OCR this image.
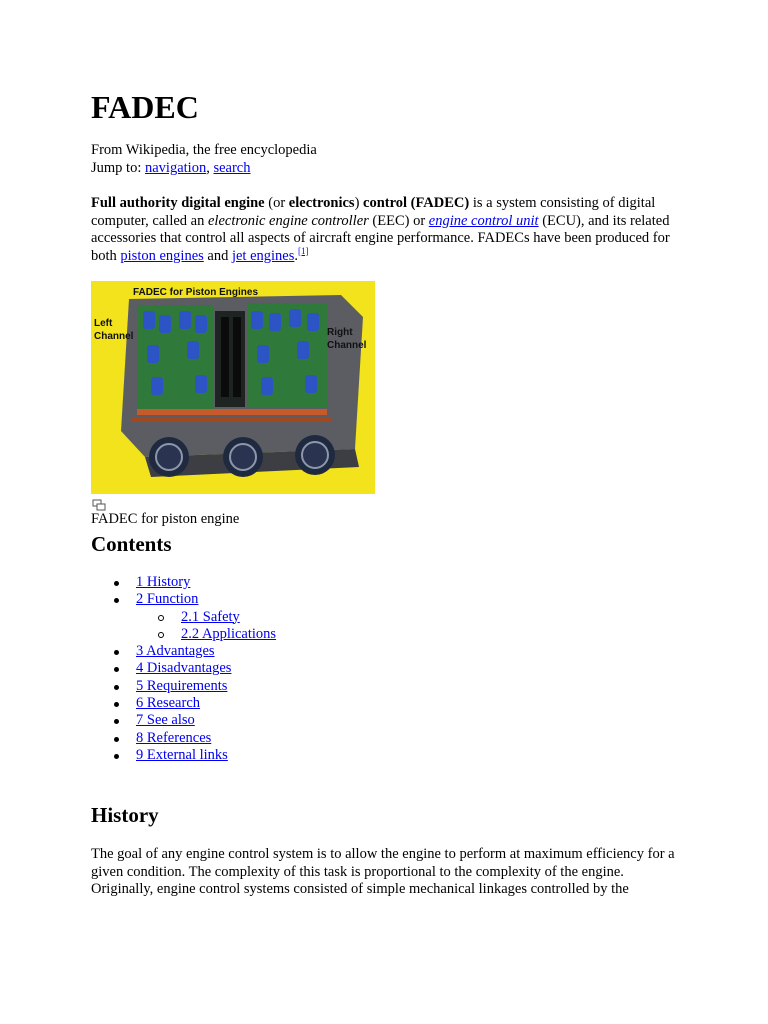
FADEC
From Wikipedia, the free encyclopedia
Jump to: navigation, search

Full authority digital engine (or electronics) control (FADEC) is a system consisting of digital computer, called an electronic engine controller (EEC) or engine control unit (ECU), and its related accessories that control all aspects of aircraft engine performance. FADECs have been produced for both piston engines and jet engines.[1]

FADEC for Piston Engines
Left
Channel	Right
Channel
FADEC for piston engine
Contents
1 History
2 Function
2.1 Safety
2.2 Applications
3 Advantages
4 Disadvantages
5 Requirements
6 Research
7 See also
8 References
9 External links
History

The goal of any engine control system is to allow the engine to perform at maximum efficiency for a given condition. The complexity of this task is proportional to the complexity of the engine. Originally, engine control systems consisted of simple mechanical linkages controlled by the
